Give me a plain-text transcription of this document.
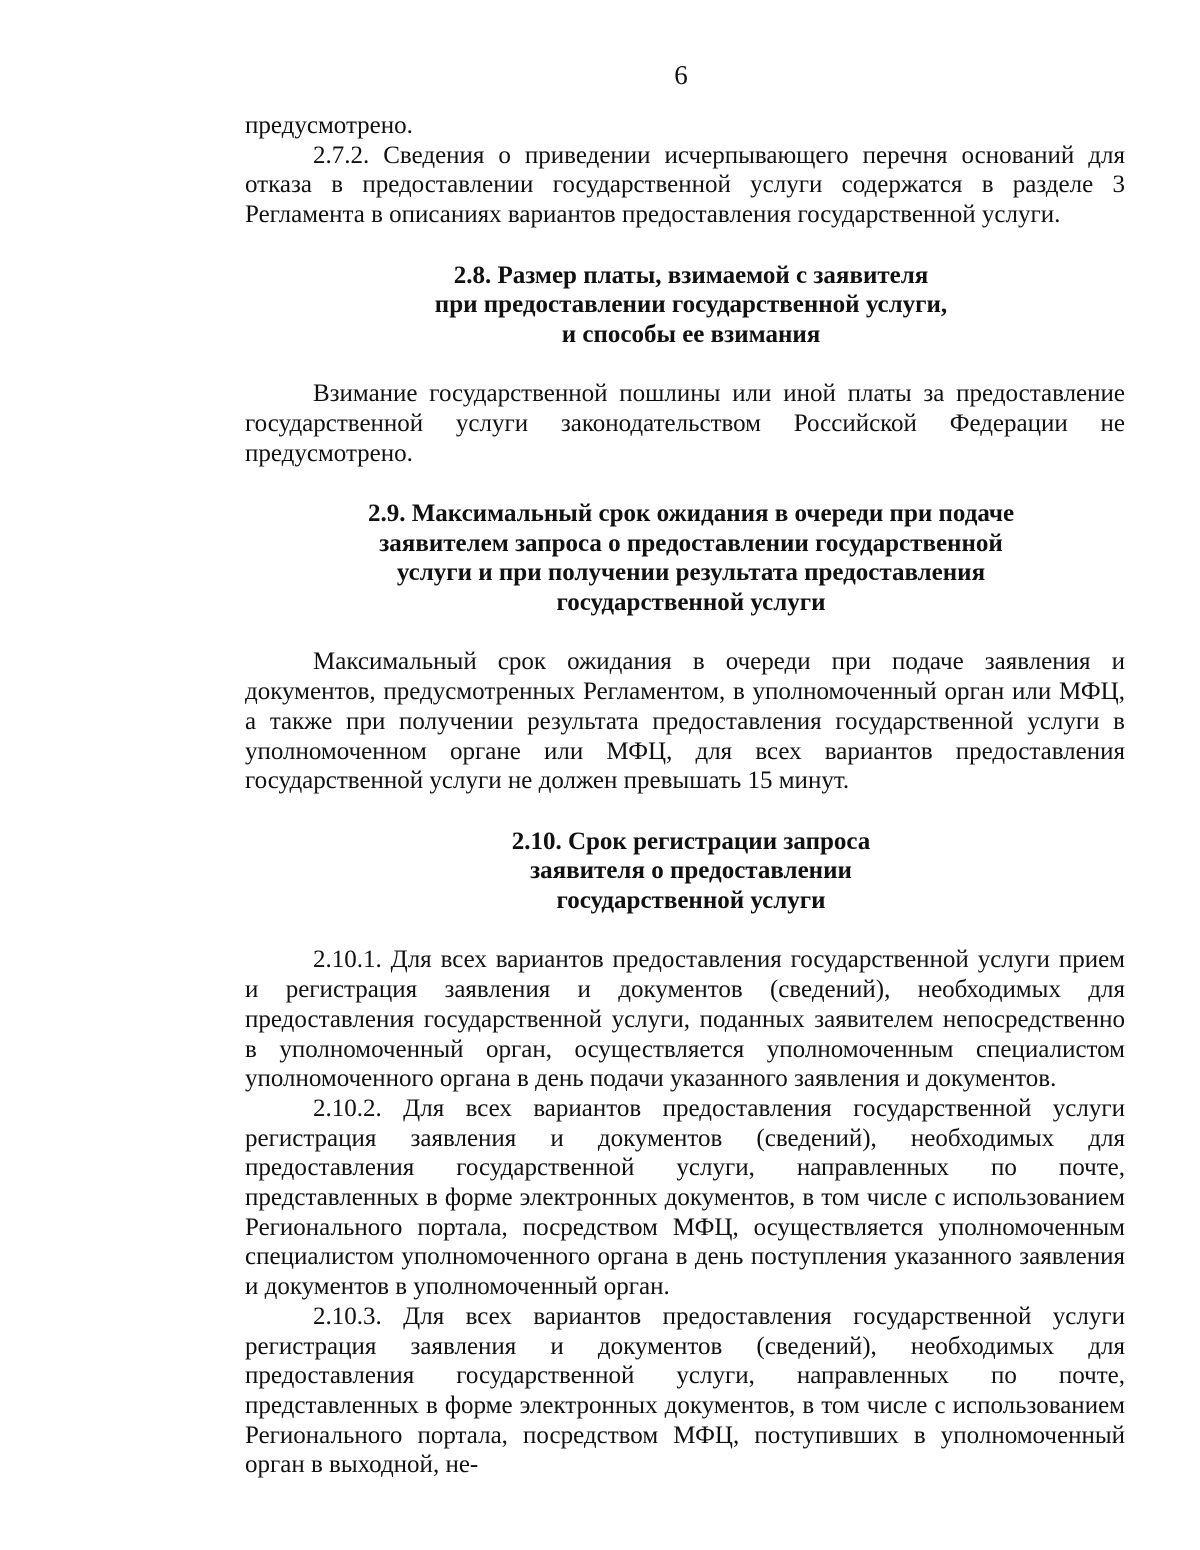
6

предусмотрено.

2.7.2. Сведения о приведении исчерпывающего перечня оснований для отказа в предоставлении государственной услуги содержатся в разделе 3 Регламента в описаниях вариантов предоставления государственной услуги.

2.8. Размер платы, взимаемой с заявителя
при предоставлении государственной услуги,
и способы ее взимания

Взимание государственной пошлины или иной платы за предоставление государственной услуги законодательством Российской Федерации не предусмотрено.

2.9. Максимальный срок ожидания в очереди при подаче
заявителем запроса о предоставлении государственной
услуги и при получении результата предоставления
государственной услуги

Максимальный срок ожидания в очереди при подаче заявления и документов, предусмотренных Регламентом, в уполномоченный орган или МФЦ, а также при получении результата предоставления государственной услуги в уполномоченном органе или МФЦ, для всех вариантов предоставления государственной услуги не должен превышать 15 минут.

2.10. Срок регистрации запроса
заявителя о предоставлении
государственной услуги

2.10.1. Для всех вариантов предоставления государственной услуги прием и регистрация заявления и документов (сведений), необходимых для предоставления государственной услуги, поданных заявителем непосредственно в уполномоченный орган, осуществляется уполномоченным специалистом уполномоченного органа в день подачи указанного заявления и документов.

2.10.2. Для всех вариантов предоставления государственной услуги регистрация заявления и документов (сведений), необходимых для предоставления государственной услуги, направленных по почте, представленных в форме электронных документов, в том числе с использованием Регионального портала, посредством МФЦ, осуществляется уполномоченным специалистом уполномоченного органа в день поступления указанного заявления и документов в уполномоченный орган.

2.10.3. Для всех вариантов предоставления государственной услуги регистрация заявления и документов (сведений), необходимых для предоставления государственной услуги, направленных по почте, представленных в форме электронных документов, в том числе с использованием Регионального портала, посредством МФЦ, поступивших в уполномоченный орган в выходной, не-
